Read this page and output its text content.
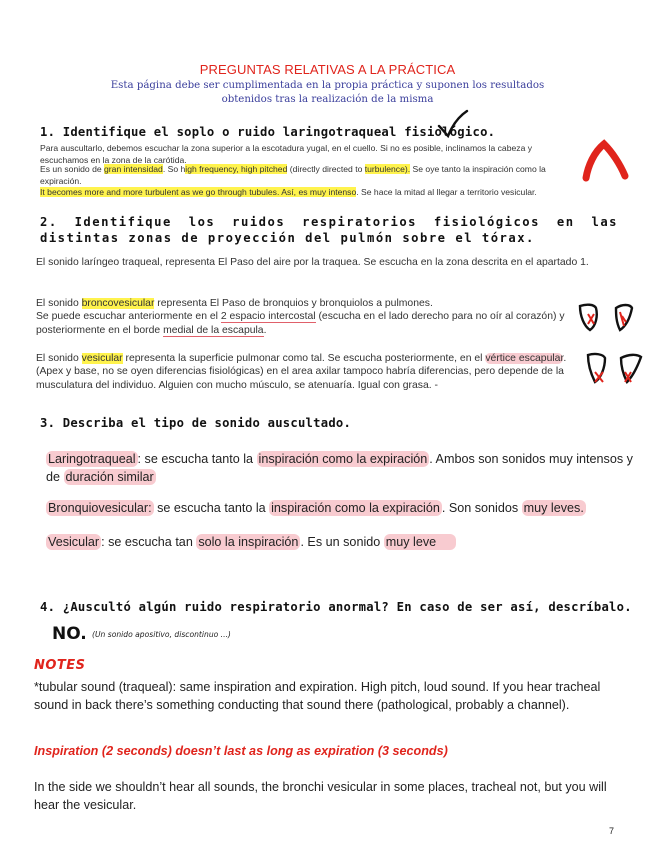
PREGUNTAS RELATIVAS A LA PRÁCTICA
Esta página debe ser cumplimentada en la propia práctica y suponen los resultados
obtenidos tras la realización de la misma
1. Identifique el soplo o ruido laringotraqueal fisiológico.
Para auscultarlo, debemos escuchar la zona superior a la escotadura yugal, en el cuello. Si no es posible, inclinamos la cabeza y escuchamos en la zona de la carótida.
Es un sonido de gran intensidad. So high frequency, high pitched (directly directed to turbulence). Se oye tanto la inspiración como la expiración.
It becomes more and more turbulent as we go through tubules. Así, es muy intenso. Se hace la mitad al llegar a territorio vesicular.
2. Identifique los ruidos respiratorios fisiológicos en las distintas zonas de proyección del pulmón sobre el tórax.
El sonido laríngeo traqueal, representa El Paso del aire por la traquea. Se escucha en la zona descrita en el apartado 1.
El sonido broncovesicular representa El Paso de bronquios y bronquiolos a pulmones.
Se puede escuchar anteriormente en el 2 espacio intercostal (escucha en el lado derecho para no oír al corazón) y posteriormente en el borde medial de la escapula.
El sonido vesicular representa la superficie pulmonar como tal. Se escucha posteriormente, en el vértice escapular. (Apex y base, no se oyen diferencias fisiológicas) en el area axilar tampoco habría diferencias, pero depende de la musculatura del individuo. Alguien con mucho músculo, se atenuaría. Igual con grasa. -
3. Describa el tipo de sonido auscultado.
Laringotraqueal : se escucha tanto la inspiración como la expiración . Ambos son sonidos muy intensos y de duración similar
Bronquiovesicular: se escucha tanto la inspiración como la expiración . Son sonidos muy leves.
Vesicular : se escucha tan solo la inspiración . Es un sonido muy leve
4. ¿Auscultó algún ruido respiratorio anormal? En caso de ser así, descríbalo.
NO. (Un sonido apositivo, discontinuo ...)
NOTES
*tubular sound (traqueal): same inspiration and expiration. High pitch, loud sound. If you hear tracheal sound in back there’s something conducting that sound there (pathological, probably a channel).
Inspiration (2 seconds) doesn’t last as long as expiration (3 seconds)
In the side we shouldn’t hear all sounds, the bronchi vesicular in some places, tracheal not, but you will hear the vesicular.
7
